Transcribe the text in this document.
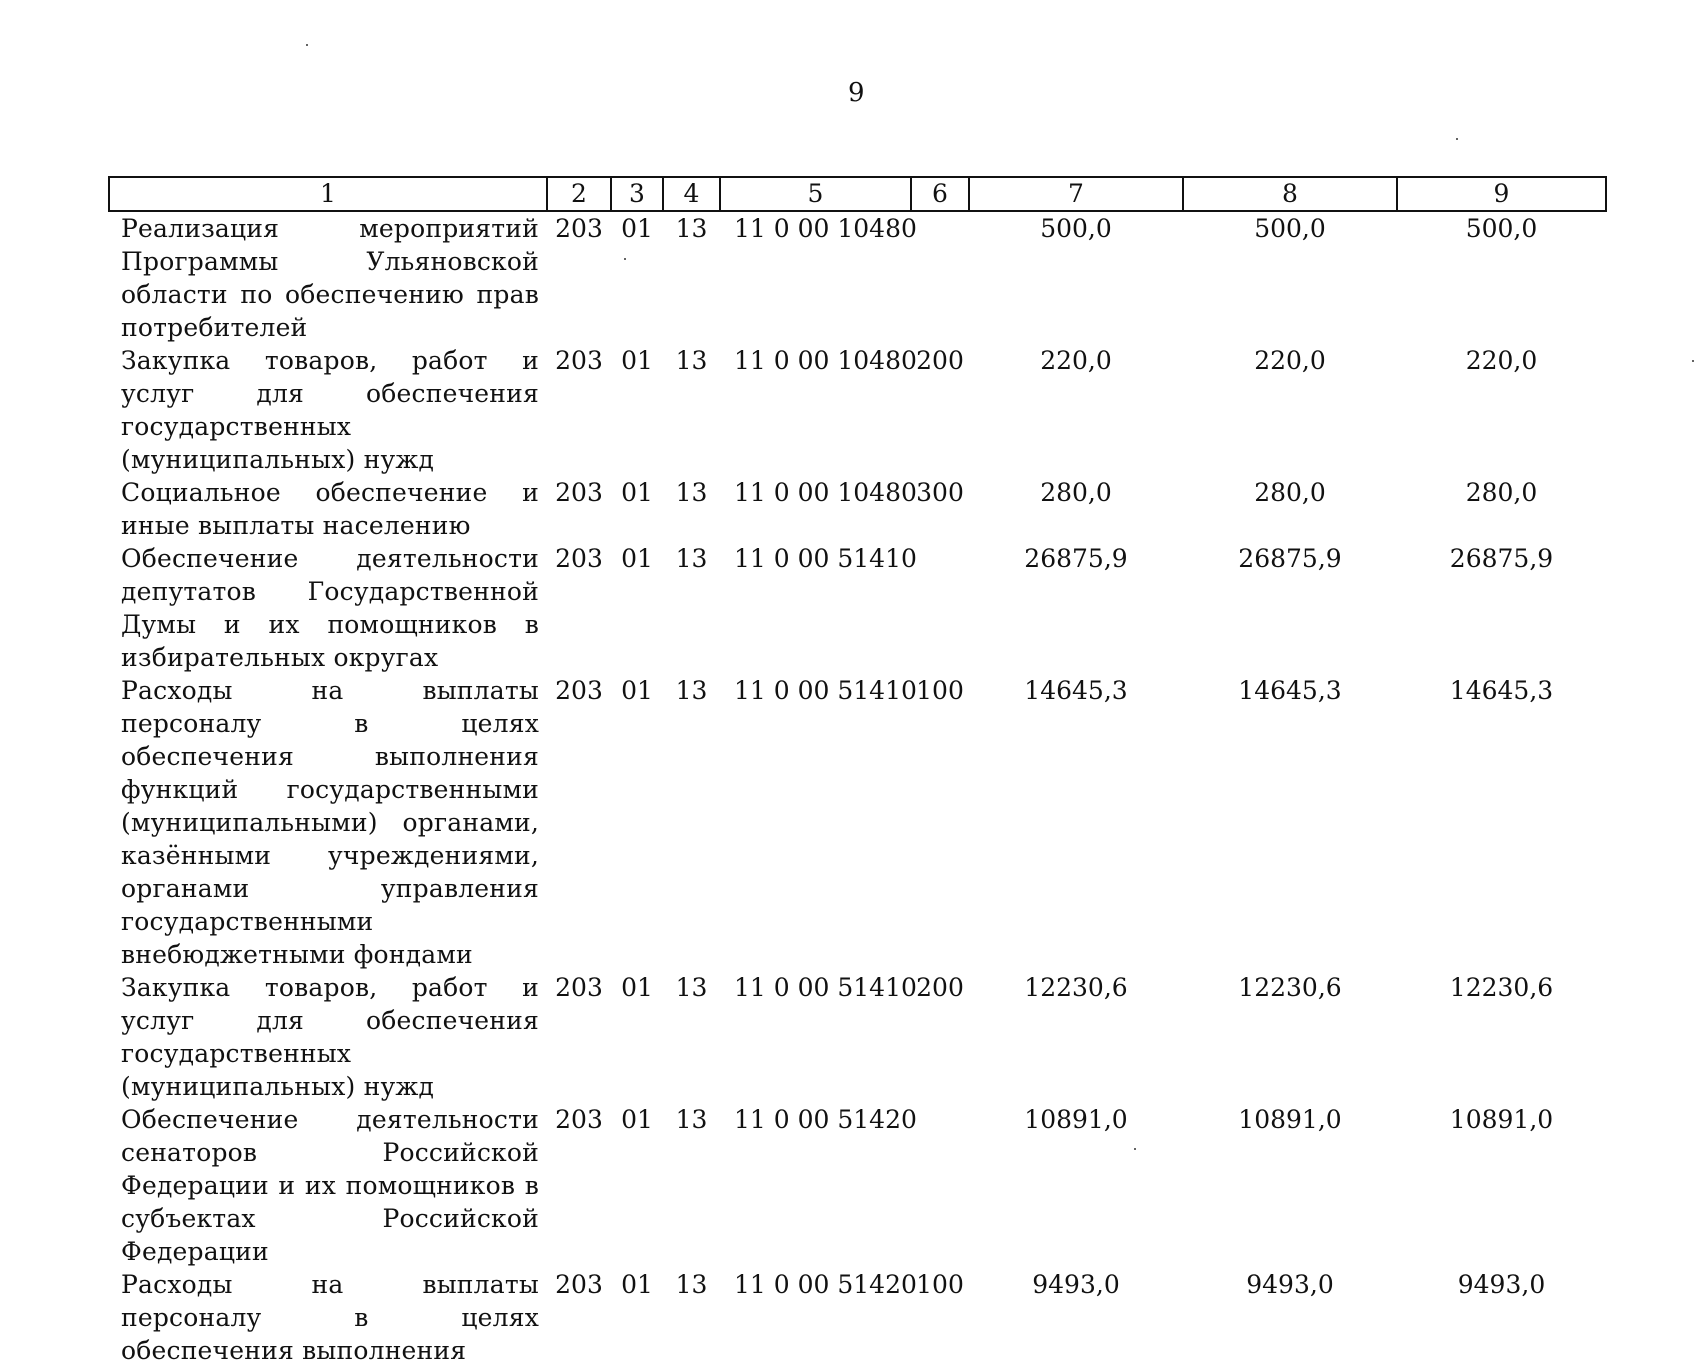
9
1	2	3	4	5	6	7	8	9
Реализация мероприятий Программы Ульяновской области по обеспечению прав потребителей	203	01	13	11 0 00 10480		500,0	500,0	500,0
Закупка товаров, работ и услуг для обеспечения государственных (муниципальных) нужд	203	01	13	11 0 00 10480	200	220,0	220,0	220,0
Социальное обеспечение и иные выплаты населению	203	01	13	11 0 00 10480	300	280,0	280,0	280,0
Обеспечение деятельности депутатов Государственной Думы и их помощников в избирательных округах	203	01	13	11 0 00 51410		26875,9	26875,9	26875,9
Расходы на выплаты персоналу в целях обеспечения выполнения функций государственными (муниципальными) органами, казёнными учреждениями, органами управления государственными внебюджетными фондами	203	01	13	11 0 00 51410	100	14645,3	14645,3	14645,3
Закупка товаров, работ и услуг для обеспечения государственных (муниципальных) нужд	203	01	13	11 0 00 51410	200	12230,6	12230,6	12230,6
Обеспечение деятельности сенаторов Российской Федерации и их помощников в субъектах Российской Федерации	203	01	13	11 0 00 51420		10891,0	10891,0	10891,0
Расходы на выплаты персоналу в целях обеспечения выполнения	203	01	13	11 0 00 51420	100	9493,0	9493,0	9493,0
